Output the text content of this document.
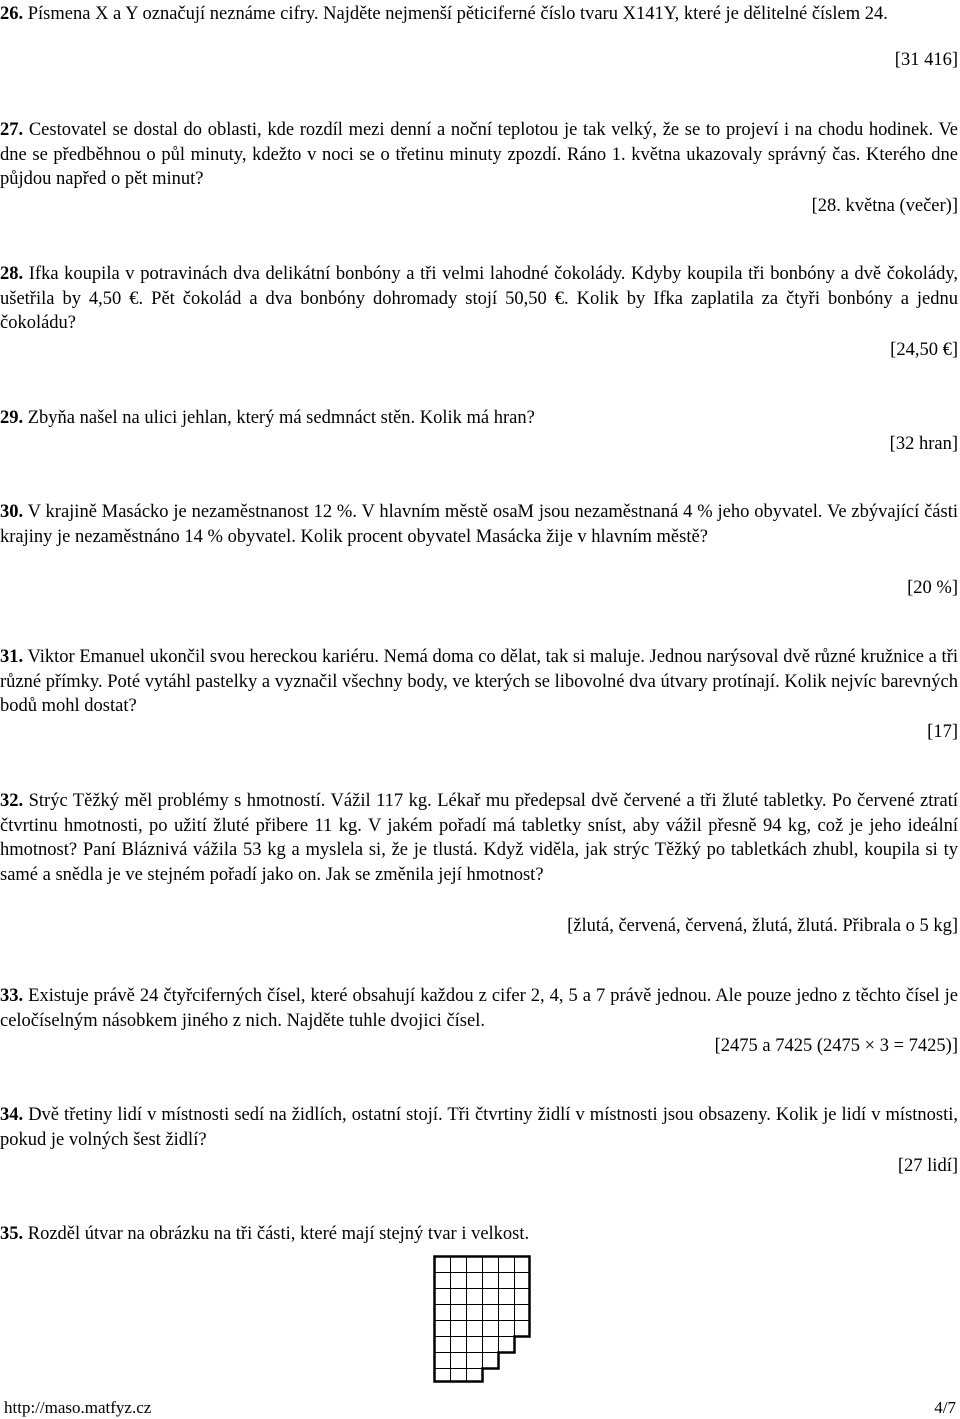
26. Písmena X a Y označují neznáme cifry. Najděte nejmenší pěticiferné číslo tvaru X141Y, které je dělitelné číslem 24.

[31 416]

27. Cestovatel se dostal do oblasti, kde rozdíl mezi denní a noční teplotou je tak velký, že se to projeví i na chodu hodinek. Ve dne se předběhnou o půl minuty, kdežto v noci se o třetinu minuty zpozdí. Ráno 1. května ukazovaly správný čas. Kterého dne půjdou napřed o pět minut?

[28. května (večer)]

28. Ifka koupila v potravinách dva delikátní bonbóny a tři velmi lahodné čokolády. Kdyby koupila tři bonbóny a dvě čokolády, ušetřila by 4,50 €. Pět čokolád a dva bonbóny dohromady stojí 50,50 €. Kolik by Ifka zaplatila za čtyři bonbóny a jednu čokoládu?

[24,50 €]

29. Zbyňa našel na ulici jehlan, který má sedmnáct stěn. Kolik má hran?

[32 hran]

30. V krajině Masácko je nezaměstnanost 12 %. V hlavním městě osaM jsou nezaměstnaná 4 % jeho obyvatel. Ve zbývající části krajiny je nezaměstnáno 14 % obyvatel. Kolik procent obyvatel Masácka žije v hlavním městě?

[20 %]

31. Viktor Emanuel ukončil svou hereckou kariéru. Nemá doma co dělat, tak si maluje. Jednou narýsoval dvě různé kružnice a tři různé přímky. Poté vytáhl pastelky a vyznačil všechny body, ve kterých se libovolné dva útvary protínají. Kolik nejvíc barevných bodů mohl dostat?

[17]

32. Strýc Těžký měl problémy s hmotností. Vážil 117 kg. Lékař mu předepsal dvě červené a tři žluté tabletky. Po červené ztratí čtvrtinu hmotnosti, po užití žluté přibere 11 kg. V jakém pořadí má tabletky sníst, aby vážil přesně 94 kg, což je jeho ideální hmotnost? Paní Bláznivá vážila 53 kg a myslela si, že je tlustá. Když viděla, jak strýc Těžký po tabletkách zhubl, koupila si ty samé a snědla je ve stejném pořadí jako on. Jak se změnila její hmotnost?

[žlutá, červená, červená, žlutá, žlutá. Přibrala o 5 kg]

33. Existuje právě 24 čtyřciferných čísel, které obsahují každou z cifer 2, 4, 5 a 7 právě jednou. Ale pouze jedno z těchto čísel je celočíselným násobkem jiného z nich. Najděte tuhle dvojici čísel.

[2475 a 7425 (2475 × 3 = 7425)]

34. Dvě třetiny lidí v místnosti sedí na židlích, ostatní stojí. Tři čtvrtiny židlí v místnosti jsou obsazeny. Kolik je lidí v místnosti, pokud je volných šest židlí?

[27 lidí]

35. Rozděl útvar na obrázku na tři části, které mají stejný tvar i velkost.

http://maso.matfyz.cz	4/7
